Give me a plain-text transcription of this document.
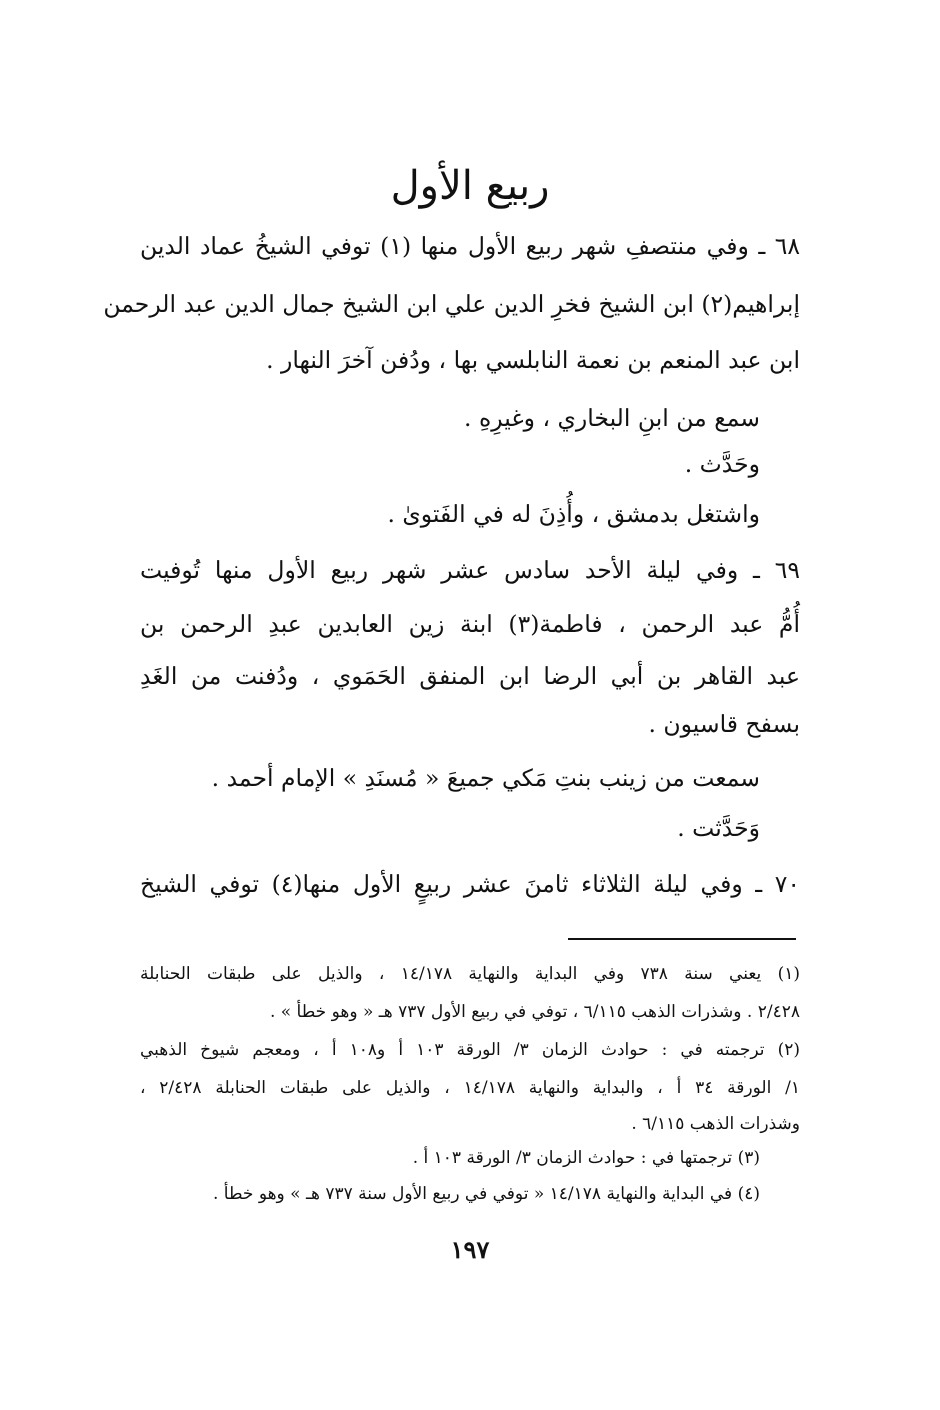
ربيع الأول
٦٨ ـ وفي منتصفِ شهر ربيع الأول منها (١) توفي الشيخُ عماد الدين
إبراهيم(٢) ابن الشيخ فخرِ الدين علي ابن الشيخ جمال الدين عبد الرحمن
ابن عبد المنعم بن نعمة النابلسي بها ، ودُفن آخرَ النهار .
سمع من ابنِ البخاري ، وغيرِهِ .
وحَدَّث .
واشتغل بدمشق ، وأُذِنَ له في الفَتوىٰ .
٦٩ ـ وفي ليلة الأحد سادس عشر شهر ربيع الأول منها تُوفيت
أُمُّ عبد الرحمن ، فاطمة(٣) ابنة زين العابدين عبدِ الرحمن بن
عبد القاهر بن أبي الرضا ابن المنفق الحَمَوي ، ودُفنت من الغَدِ
بسفح قاسيون .
سمعت من زينب بنتِ مَكي جميعَ « مُسنَدِ » الإمام أحمد .
وَحَدَّثت .
٧٠ ـ وفي ليلة الثلاثاء ثامنَ عشر ربيعٍ الأول منها(٤) توفي الشيخ
(١) يعني سنة ٧٣٨ وفي البداية والنهاية ١٤/١٧٨ ، والذيل على طبقات الحنابلة
٢/٤٢٨ . وشذرات الذهب ٦/١١٥ ، توفي في ربيع الأول ٧٣٧ هـ « وهو خطأ » .
(٢) ترجمته في : حوادث الزمان ٣/ الورقة ١٠٣ أ و١٠٨ أ ، ومعجم شيوخ الذهبي
١/ الورقة ٣٤ أ ، والبداية والنهاية ١٤/١٧٨ ، والذيل على طبقات الحنابلة ٢/٤٢٨ ،
وشذرات الذهب ٦/١١٥ .
(٣) ترجمتها في : حوادث الزمان ٣/ الورقة ١٠٣ أ .
(٤) في البداية والنهاية ١٤/١٧٨ « توفي في ربيع الأول سنة ٧٣٧ هـ » وهو خطأ .
١٩٧
